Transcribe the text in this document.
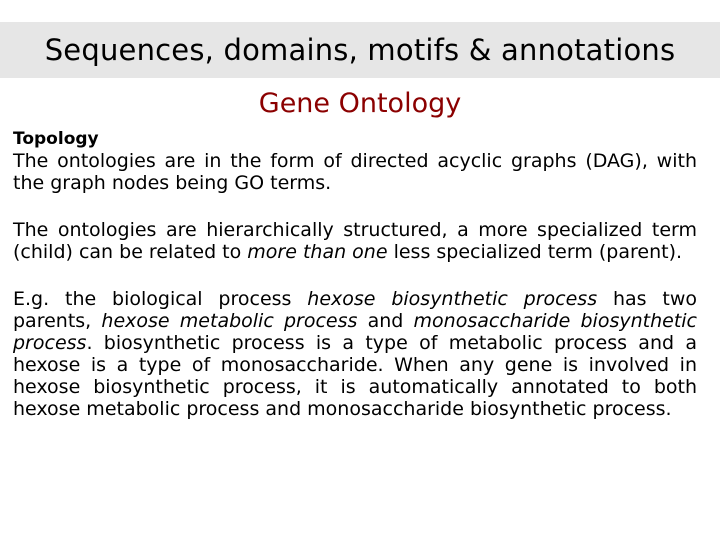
Sequences, domains, motifs & annotations
Gene Ontology

Topology

The ontologies are in the form of directed acyclic graphs (DAG), with the graph nodes being GO terms.

The ontologies are hierarchically structured, a more specialized term (child) can be related to more than one less specialized term (parent).

E.g. the biological process hexose biosynthetic process has two parents, hexose metabolic process and monosaccharide biosynthetic process. biosynthetic process is a type of metabolic process and a hexose is a type of monosaccharide. When any gene is involved in hexose biosynthetic process, it is automatically annotated to both hexose metabolic process and monosaccharide biosynthetic process.
